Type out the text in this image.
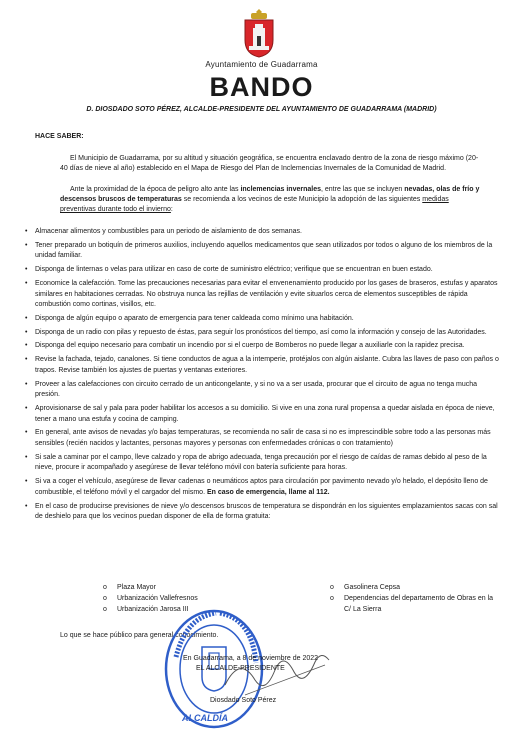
Ayuntamiento de Guadarrama
BANDO
D. DIOSDADO SOTO PÉREZ, ALCALDE-PRESIDENTE DEL AYUNTAMIENTO DE GUADARRAMA (MADRID)
HACE SABER:

El Municipio de Guadarrama, por su altitud y situación geográfica, se encuentra enclavado dentro de la zona de riesgo máximo (20-40 días de nieve al año) establecido en el Mapa de Riesgo del Plan de Inclemencias Invernales de la Comunidad de Madrid.

Ante la proximidad de la época de peligro alto ante las inclemencias invernales, entre las que se incluyen nevadas, olas de frío y descensos bruscos de temperaturas se recomienda a los vecinos de este Municipio la adopción de las siguientes medidas preventivas durante todo el invierno:

• Almacenar alimentos y combustibles para un periodo de aislamiento de dos semanas.
• Tener preparado un botiquín de primeros auxilios, incluyendo aquellos medicamentos que sean utilizados por todos o alguno de los miembros de la unidad familiar.
• Disponga de linternas o velas para utilizar en caso de corte de suministro eléctrico; verifique que se encuentran en buen estado.
• Economice la calefacción. Tome las precauciones necesarias para evitar el envenenamiento producido por los gases de braseros, estufas y aparatos similares en habitaciones cerradas. No obstruya nunca las rejillas de ventilación y evite situarlos cerca de elementos susceptibles de rápida combustión como cortinas, visillos, etc.
• Disponga de algún equipo o aparato de emergencia para tener caldeada como mínimo una habitación.
• Disponga de un radio con pilas y repuesto de éstas, para seguir los pronósticos del tiempo, así como la información y consejo de las Autoridades.
• Disponga del equipo necesario para combatir un incendio por si el cuerpo de Bomberos no puede llegar a auxiliarle con la rapidez precisa.
• Revise la fachada, tejado, canalones. Si tiene conductos de agua a la intemperie, protéjalos con algún aislante. Cubra las llaves de paso con paños o trapos. Revise también los ajustes de puertas y ventanas exteriores.
• Proveer a las calefacciones con circuito cerrado de un anticongelante, y si no va a ser usada, procurar que el circuito de agua no tenga mucha presión.
• Aprovisionarse de sal y pala para poder habilitar los accesos a su domicilio. Si vive en una zona rural propensa a quedar aislada en época de nieve, tener a mano una estufa y cocina de camping.
• En general, ante avisos de nevadas y/o bajas temperaturas, se recomienda no salir de casa si no es imprescindible sobre todo a las personas más sensibles (recién nacidos y lactantes, personas mayores y personas con enfermedades crónicas o con tratamiento)
• Si sale a caminar por el campo, lleve calzado y ropa de abrigo adecuada, tenga precaución por el riesgo de caídas de ramas debido al peso de la nieve, procure ir acompañado y asegúrese de llevar teléfono móvil con batería suficiente para horas.
• Si va a coger el vehículo, asegúrese de llevar cadenas o neumáticos aptos para circulación por pavimento nevado y/o helado, el depósito lleno de combustible, el teléfono móvil y el cargador del mismo. En caso de emergencia, llame al 112.
• En el caso de producirse previsiones de nieve y/o descensos bruscos de temperatura se dispondrán en los siguientes emplazamientos sacas con sal de deshielo para que los vecinos puedan disponer de ella de forma gratuita:
o Plaza Mayor
o Urbanización Vallefresnos
o Urbanización Jarosa III
o Gasolinera Cepsa
o Dependencias del departamento de Obras en la C/ La Sierra
Lo que se hace público para general conocimiento.
ALCALDÍA
En Guadarrama, a 8 de noviembre de 2022
EL ALCALDE-PRESIDENTE
Diosdado Soto Pérez
